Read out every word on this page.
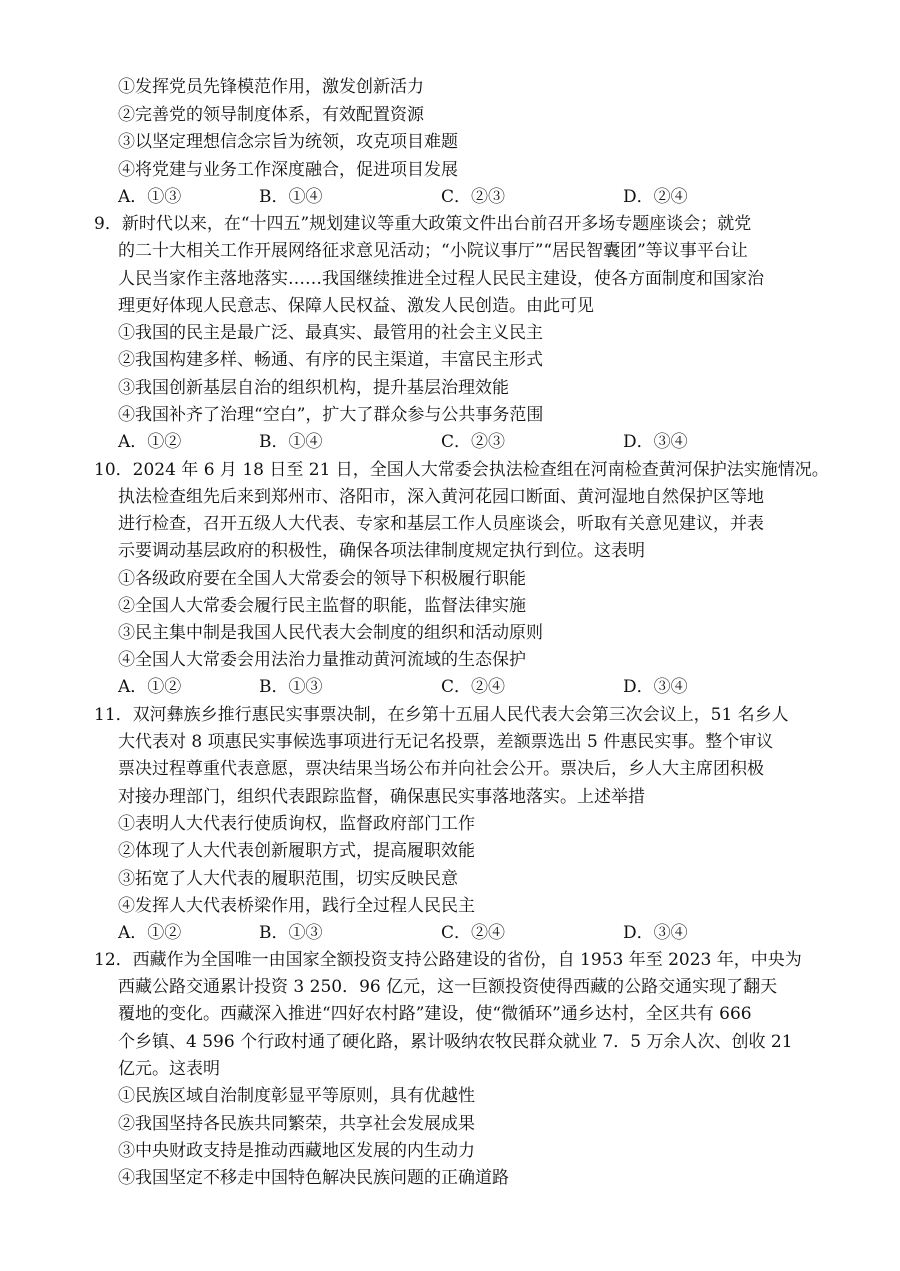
①发挥党员先锋模范作用，激发创新活力
②完善党的领导制度体系，有效配置资源
③以坚定理想信念宗旨为统领，攻克项目难题
④将党建与业务工作深度融合，促进项目发展
A．①③	B．①④	C．②③	D．②④
9．新时代以来，在“十四五”规划建议等重大政策文件出台前召开多场专题座谈会；就党
的二十大相关工作开展网络征求意见活动；“小院议事厅”“居民智囊团”等议事平台让
人民当家作主落地落实……我国继续推进全过程人民民主建设，使各方面制度和国家治
理更好体现人民意志、保障人民权益、激发人民创造。由此可见
①我国的民主是最广泛、最真实、最管用的社会主义民主
②我国构建多样、畅通、有序的民主渠道，丰富民主形式
③我国创新基层自治的组织机构，提升基层治理效能
④我国补齐了治理“空白”，扩大了群众参与公共事务范围
A．①②	B．①④	C．②③	D．③④
10．2024 年 6 月 18 日至 21 日，全国人大常委会执法检查组在河南检查黄河保护法实施情况。
执法检查组先后来到郑州市、洛阳市，深入黄河花园口断面、黄河湿地自然保护区等地
进行检查，召开五级人大代表、专家和基层工作人员座谈会，听取有关意见建议，并表
示要调动基层政府的积极性，确保各项法律制度规定执行到位。这表明
①各级政府要在全国人大常委会的领导下积极履行职能
②全国人大常委会履行民主监督的职能，监督法律实施
③民主集中制是我国人民代表大会制度的组织和活动原则
④全国人大常委会用法治力量推动黄河流域的生态保护
A．①②	B．①③	C．②④	D．③④
11．双河彝族乡推行惠民实事票决制，在乡第十五届人民代表大会第三次会议上，51 名乡人
大代表对 8 项惠民实事候选事项进行无记名投票，差额票选出 5 件惠民实事。整个审议
票决过程尊重代表意愿，票决结果当场公布并向社会公开。票决后，乡人大主席团积极
对接办理部门，组织代表跟踪监督，确保惠民实事落地落实。上述举措
①表明人大代表行使质询权，监督政府部门工作
②体现了人大代表创新履职方式，提高履职效能
③拓宽了人大代表的履职范围，切实反映民意
④发挥人大代表桥梁作用，践行全过程人民民主
A．①②	B．①③	C．②④	D．③④
12．西藏作为全国唯一由国家全额投资支持公路建设的省份，自 1953 年至 2023 年，中央为
西藏公路交通累计投资 3 250．96 亿元，这一巨额投资使得西藏的公路交通实现了翻天
覆地的变化。西藏深入推进“四好农村路”建设，使“微循环”通乡达村，全区共有 666
个乡镇、4 596 个行政村通了硬化路，累计吸纳农牧民群众就业 7．5 万余人次、创收 21
亿元。这表明
①民族区域自治制度彰显平等原则，具有优越性
②我国坚持各民族共同繁荣，共享社会发展成果
③中央财政支持是推动西藏地区发展的内生动力
④我国坚定不移走中国特色解决民族问题的正确道路
